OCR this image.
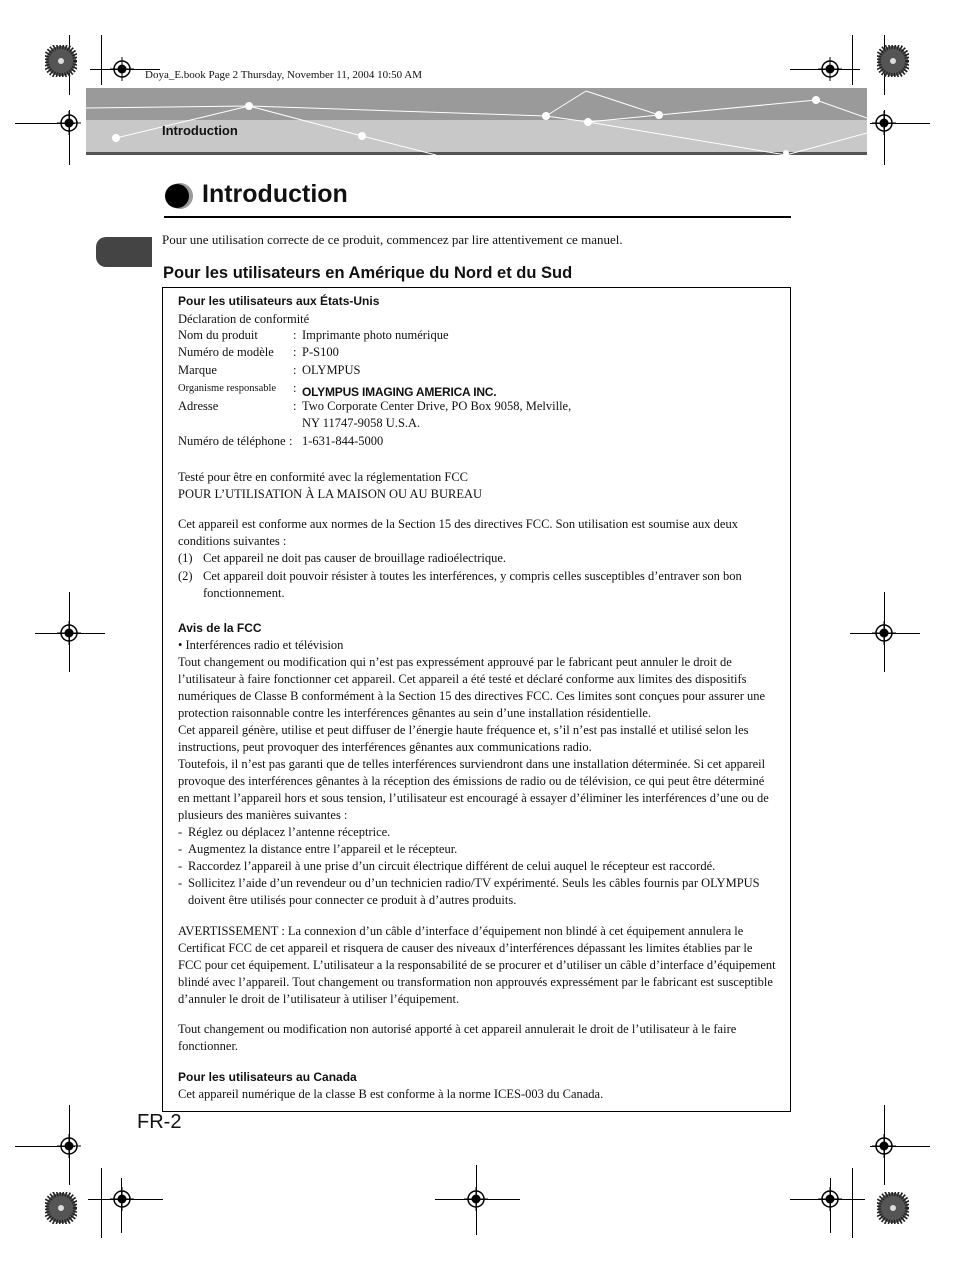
Doya_E.book Page 2 Thursday, November 11, 2004 10:50 AM
Introduction
Introduction
Pour une utilisation correcte de ce produit, commencez par lire attentivement ce manuel.
Pour les utilisateurs en Amérique du Nord et du Sud
Pour les utilisateurs aux États-Unis
Déclaration de conformité
Nom du produit	: Imprimante photo numérique
Numéro de modèle : P-S100
Marque	: OLYMPUS
Organisme responsable : OLYMPUS IMAGING AMERICA INC.
Adresse	: Two Corporate Center Drive, PO Box 9058, Melville,
NY 11747-9058 U.S.A.
Numéro de téléphone : 1-631-844-5000
Testé pour être en conformité avec la réglementation FCC
POUR L’UTILISATION À LA MAISON OU AU BUREAU
Cet appareil est conforme aux normes de la Section 15 des directives FCC. Son utilisation est soumise aux deux conditions suivantes :
(1) Cet appareil ne doit pas causer de brouillage radioélectrique.
(2) Cet appareil doit pouvoir résister à toutes les interférences, y compris celles susceptibles d’entraver son bon fonctionnement.
Avis de la FCC
• Interférences radio et télévision
Tout changement ou modification qui n’est pas expressément approuvé par le fabricant peut annuler le droit de l’utilisateur à faire fonctionner cet appareil. Cet appareil a été testé et déclaré conforme aux limites des dispositifs numériques de Classe B conformément à la Section 15 des directives FCC. Ces limites sont conçues pour assurer une protection raisonnable contre les interférences gênantes au sein d’une installation résidentielle.
Cet appareil génère, utilise et peut diffuser de l’énergie haute fréquence et, s’il n’est pas installé et utilisé selon les instructions, peut provoquer des interférences gênantes aux communications radio.
Toutefois, il n’est pas garanti que de telles interférences surviendront dans une installation déterminée. Si cet appareil provoque des interférences gênantes à la réception des émissions de radio ou de télévision, ce qui peut être déterminé en mettant l’appareil hors et sous tension, l’utilisateur est encouragé à essayer d’éliminer les interférences d’une ou de plusieurs des manières suivantes :
- Réglez ou déplacez l’antenne réceptrice.
- Augmentez la distance entre l’appareil et le récepteur.
- Raccordez l’appareil à une prise d’un circuit électrique différent de celui auquel le récepteur est raccordé.
- Sollicitez l’aide d’un revendeur ou d’un technicien radio/TV expérimenté. Seuls les câbles fournis par OLYMPUS doivent être utilisés pour connecter ce produit à d’autres produits.
AVERTISSEMENT : La connexion d’un câble d’interface d’équipement non blindé à cet équipement annulera le Certificat FCC de cet appareil et risquera de causer des niveaux d’interférences dépassant les limites établies par le FCC pour cet équipement. L’utilisateur a la responsabilité de se procurer et d’utiliser un câble d’interface d’équipement blindé avec l’appareil. Tout changement ou transformation non approuvés expressément par le fabricant est susceptible d’annuler le droit de l’utilisateur à utiliser l’équipement.
Tout changement ou modification non autorisé apporté à cet appareil annulerait le droit de l’utilisateur à le faire fonctionner.
Pour les utilisateurs au Canada
Cet appareil numérique de la classe B est conforme à la norme ICES-003 du Canada.
FR-2
